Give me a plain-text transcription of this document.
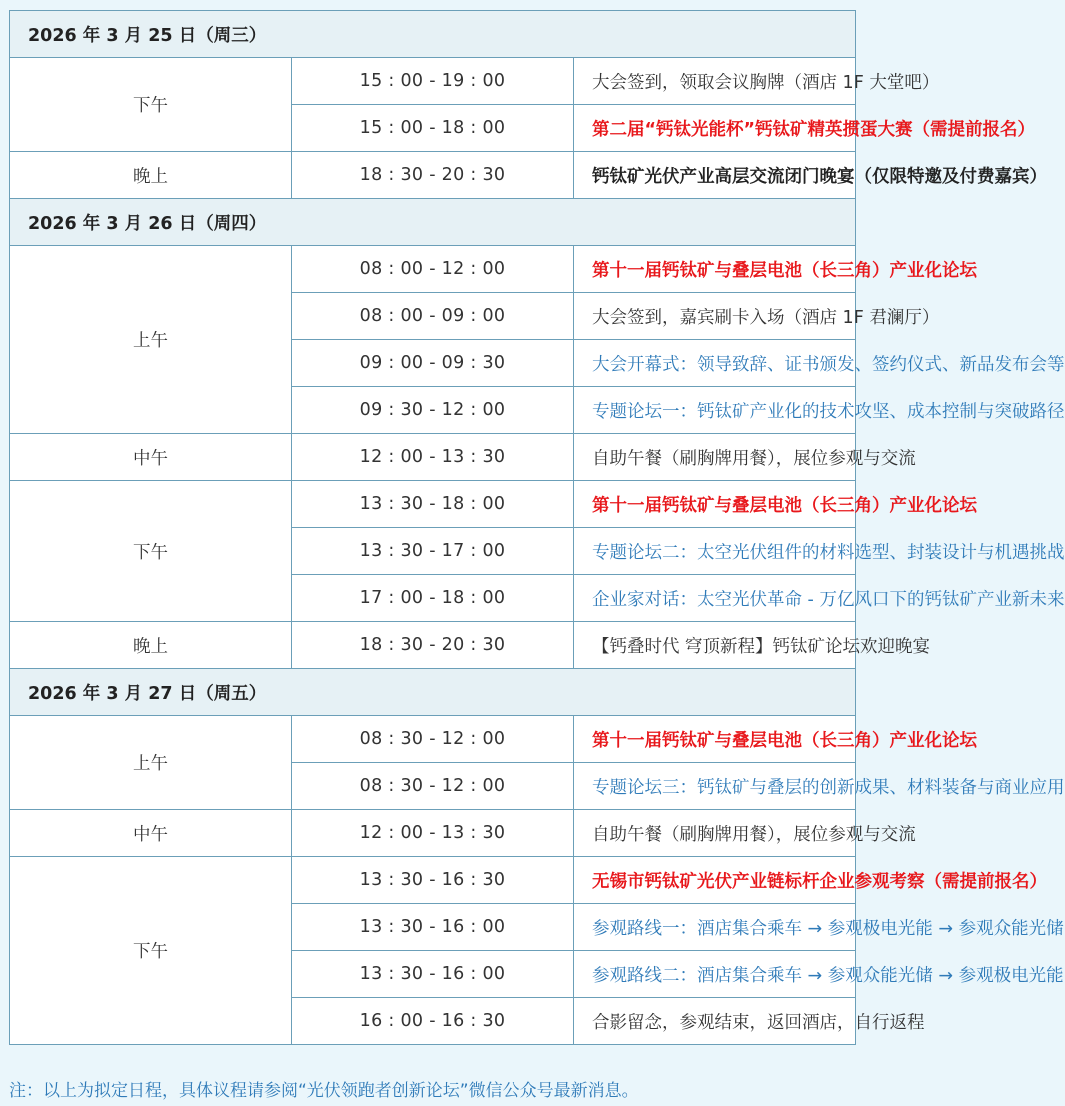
2026 年 3 月 25 日（周三）		
下午	15 : 00 - 19 : 00	大会签到，领取会议胸牌（酒店 1F 大堂吧）
	15 : 00 - 18 : 00	第二届“钙钛光能杯”钙钛矿精英掼蛋大赛（需提前报名）
晚上	18 : 30 - 20 : 30	钙钛矿光伏产业高层交流闭门晚宴（仅限特邀及付费嘉宾）
2026 年 3 月 26 日（周四）		
上午	08 : 00 - 12 : 00	第十一届钙钛矿与叠层电池（长三角）产业化论坛
	08 : 00 - 09 : 00	大会签到，嘉宾刷卡入场（酒店 1F 君澜厅）
	09 : 00 - 09 : 30	大会开幕式：领导致辞、证书颁发、签约仪式、新品发布会等
	09 : 30 - 12 : 00	专题论坛一：钙钛矿产业化的技术攻坚、成本控制与突破路径
中午	12 : 00 - 13 : 30	自助午餐（刷胸牌用餐），展位参观与交流
下午	13 : 30 - 18 : 00	第十一届钙钛矿与叠层电池（长三角）产业化论坛
	13 : 30 - 17 : 00	专题论坛二：太空光伏组件的材料选型、封装设计与机遇挑战
	17 : 00 - 18 : 00	企业家对话：太空光伏革命 - 万亿风口下的钙钛矿产业新未来
晚上	18 : 30 - 20 : 30	【钙叠时代 穹顶新程】钙钛矿论坛欢迎晚宴
2026 年 3 月 27 日（周五）		
上午	08 : 30 - 12 : 00	第十一届钙钛矿与叠层电池（长三角）产业化论坛
	08 : 30 - 12 : 00	专题论坛三：钙钛矿与叠层的创新成果、材料装备与商业应用
中午	12 : 00 - 13 : 30	自助午餐（刷胸牌用餐），展位参观与交流
下午	13 : 30 - 16 : 30	无锡市钙钛矿光伏产业链标杆企业参观考察（需提前报名）
	13 : 30 - 16 : 00	参观路线一：酒店集合乘车 → 参观极电光能 → 参观众能光储
	13 : 30 - 16 : 00	参观路线二：酒店集合乘车 → 参观众能光储 → 参观极电光能
	16 : 00 - 16 : 30	合影留念，参观结束，返回酒店，自行返程
注：以上为拟定日程，具体议程请参阅“光伏领跑者创新论坛”微信公众号最新消息。
